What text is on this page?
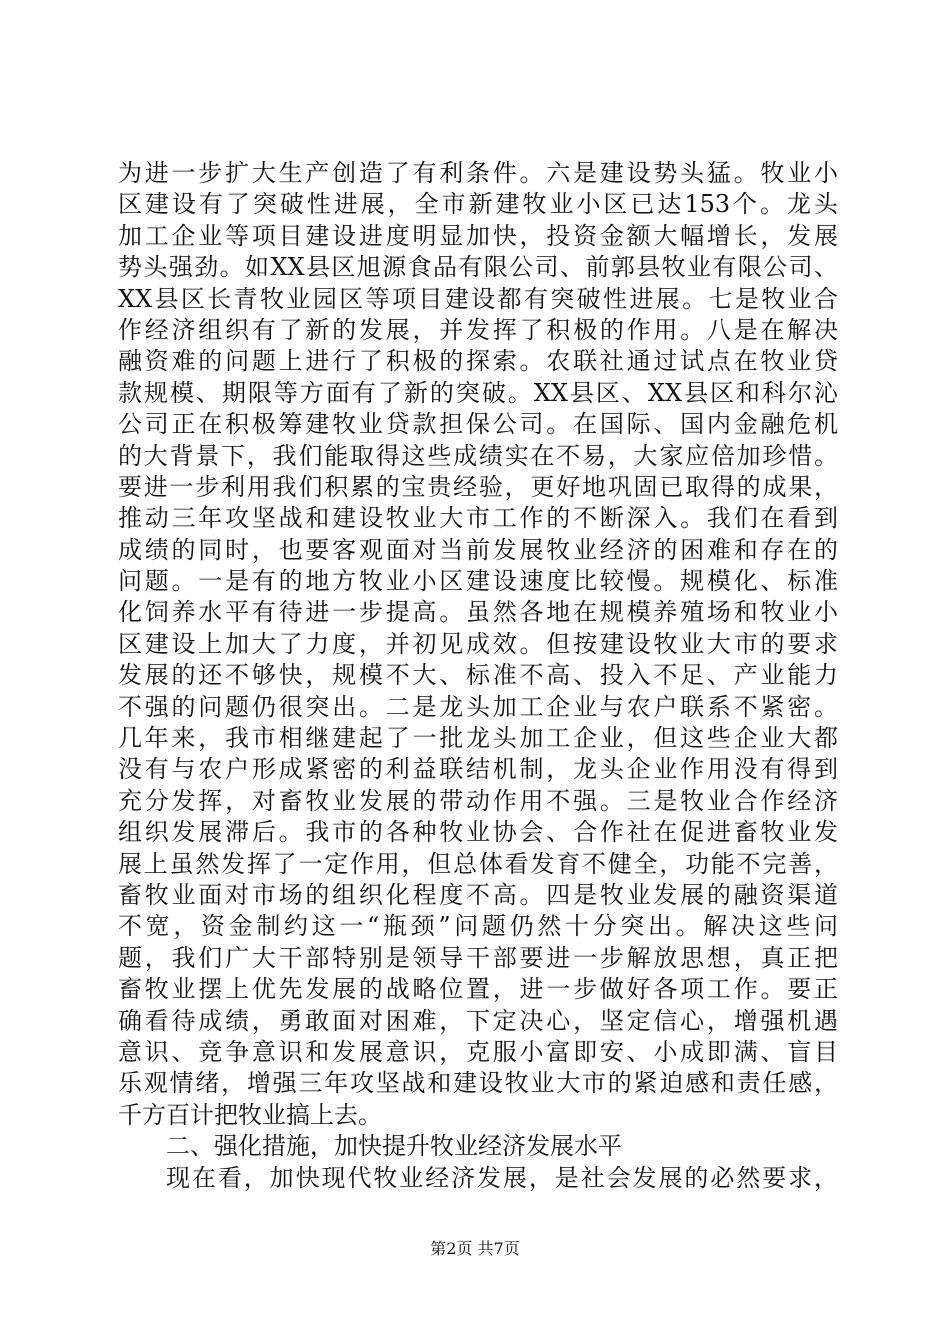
为进一步扩大生产创造了有利条件。六是建设势头猛。牧业小
区建设有了突破性进展，全市新建牧业小区已达153个。龙头
加工企业等项目建设进度明显加快，投资金额大幅增长，发展
势头强劲。如XX县区旭源食品有限公司、前郭县牧业有限公司、
XX县区长青牧业园区等项目建设都有突破性进展。七是牧业合
作经济组织有了新的发展，并发挥了积极的作用。八是在解决
融资难的问题上进行了积极的探索。农联社通过试点在牧业贷
款规模、期限等方面有了新的突破。XX县区、XX县区和科尔沁
公司正在积极筹建牧业贷款担保公司。在国际、国内金融危机
的大背景下，我们能取得这些成绩实在不易，大家应倍加珍惜。
要进一步利用我们积累的宝贵经验，更好地巩固已取得的成果，
推动三年攻坚战和建设牧业大市工作的不断深入。我们在看到
成绩的同时，也要客观面对当前发展牧业经济的困难和存在的
问题。一是有的地方牧业小区建设速度比较慢。规模化、标准
化饲养水平有待进一步提高。虽然各地在规模养殖场和牧业小
区建设上加大了力度，并初见成效。但按建设牧业大市的要求
发展的还不够快，规模不大、标准不高、投入不足、产业能力
不强的问题仍很突出。二是龙头加工企业与农户联系不紧密。
几年来，我市相继建起了一批龙头加工企业，但这些企业大都
没有与农户形成紧密的利益联结机制，龙头企业作用没有得到
充分发挥，对畜牧业发展的带动作用不强。三是牧业合作经济
组织发展滞后。我市的各种牧业协会、合作社在促进畜牧业发
展上虽然发挥了一定作用，但总体看发育不健全，功能不完善，
畜牧业面对市场的组织化程度不高。四是牧业发展的融资渠道
不宽，资金制约这一“瓶颈”问题仍然十分突出。解决这些问
题，我们广大干部特别是领导干部要进一步解放思想，真正把
畜牧业摆上优先发展的战略位置，进一步做好各项工作。要正
确看待成绩，勇敢面对困难，下定决心，坚定信心，增强机遇
意识、竞争意识和发展意识，克服小富即安、小成即满、盲目
乐观情绪，增强三年攻坚战和建设牧业大市的紧迫感和责任感，
千方百计把牧业搞上去。
二、强化措施，加快提升牧业经济发展水平
现在看，加快现代牧业经济发展，是社会发展的必然要求，
第2页 共7页
